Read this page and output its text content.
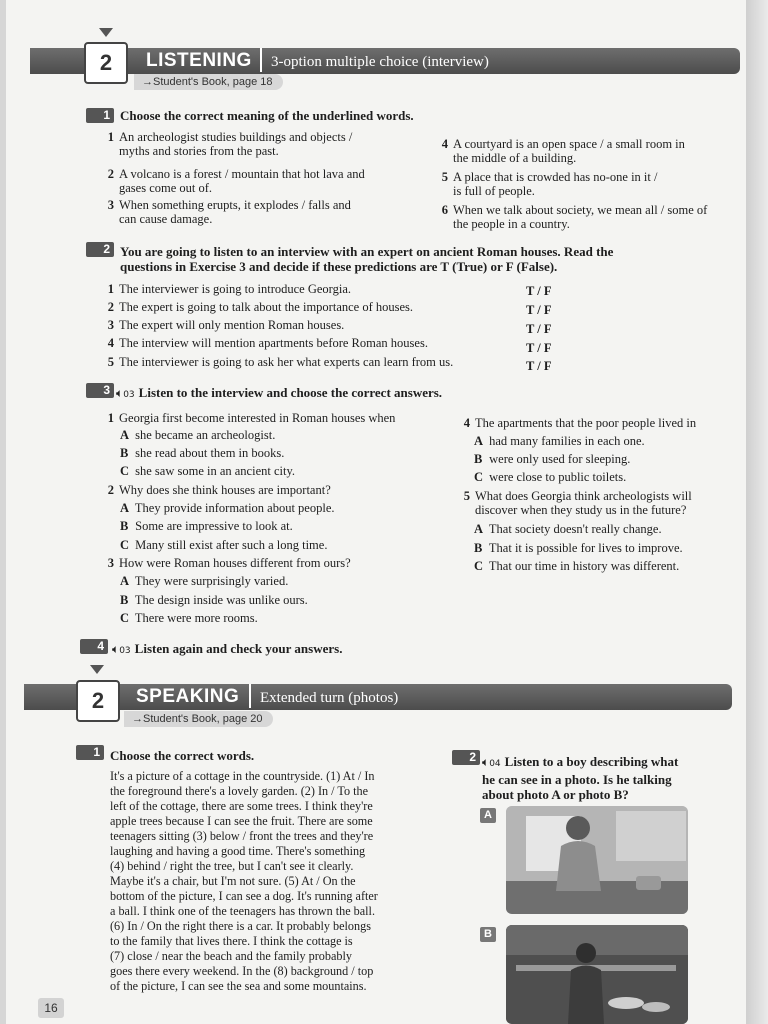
2	LISTENING 3-option multiple choice (interview)
→Student's Book, page 18
1 Choose the correct meaning of the underlined words.
1 An archeologist studies buildings and objects /
myths and stories from the past.
2 A volcano is a forest / mountain that hot lava and
gases come out of.
3 When something erupts, it explodes / falls and
can cause damage.
4 A courtyard is an open space / a small room in
the middle of a building.
5 A place that is crowded has no-one in it /
is full of people.
6 When we talk about society, we mean all / some of
the people in a country.
2 You are going to listen to an interview with an expert on ancient Roman houses. Read the
questions in Exercise 3 and decide if these predictions are T (True) or F (False).
1 The interviewer is going to introduce Georgia.	T / F
2 The expert is going to talk about the importance of houses.	T / F
3 The expert will only mention Roman houses.	T / F
4 The interview will mention apartments before Roman houses.	T / F
5 The interviewer is going to ask her what experts can learn from us.	T / F
3 🔈︎03 Listen to the interview and choose the correct answers.
1 Georgia first become interested in Roman houses when
A she became an archeologist.
B she read about them in books.
C she saw some in an ancient city.
2 Why does she think houses are important?
A They provide information about people.
B Some are impressive to look at.
C Many still exist after such a long time.
3 How were Roman houses different from ours?
A They were surprisingly varied.
B The design inside was unlike ours.
C There were more rooms.
4 The apartments that the poor people lived in
A had many families in each one.
B were only used for sleeping.
C were close to public toilets.
5 What does Georgia think archeologists will
discover when they study us in the future?
A That society doesn't really change.
B That it is possible for lives to improve.
C That our time in history was different.
4 🔈︎03 Listen again and check your answers.
2	SPEAKING Extended turn (photos)
→Student's Book, page 20
1 Choose the correct words.
It's a picture of a cottage in the countryside. (1) At / In
the foreground there's a lovely garden. (2) In / To the
left of the cottage, there are some trees. I think they're
apple trees because I can see the fruit. There are some
teenagers sitting (3) below / front the trees and they're
laughing and having a good time. There's something
(4) behind / right the tree, but I can't see it clearly.
Maybe it's a chair, but I'm not sure. (5) At / On the
bottom of the picture, I can see a dog. It's running after
a ball. I think one of the teenagers has thrown the ball.
(6) In / On the right there is a car. It probably belongs
to the family that lives there. I think the cottage is
(7) close / near the beach and the family probably
goes there every weekend. In the (8) background / top
of the picture, I can see the sea and some mountains.
2 🔈︎04 Listen to a boy describing what
he can see in a photo. Is he talking
about photo A or photo B?
A
B
16
